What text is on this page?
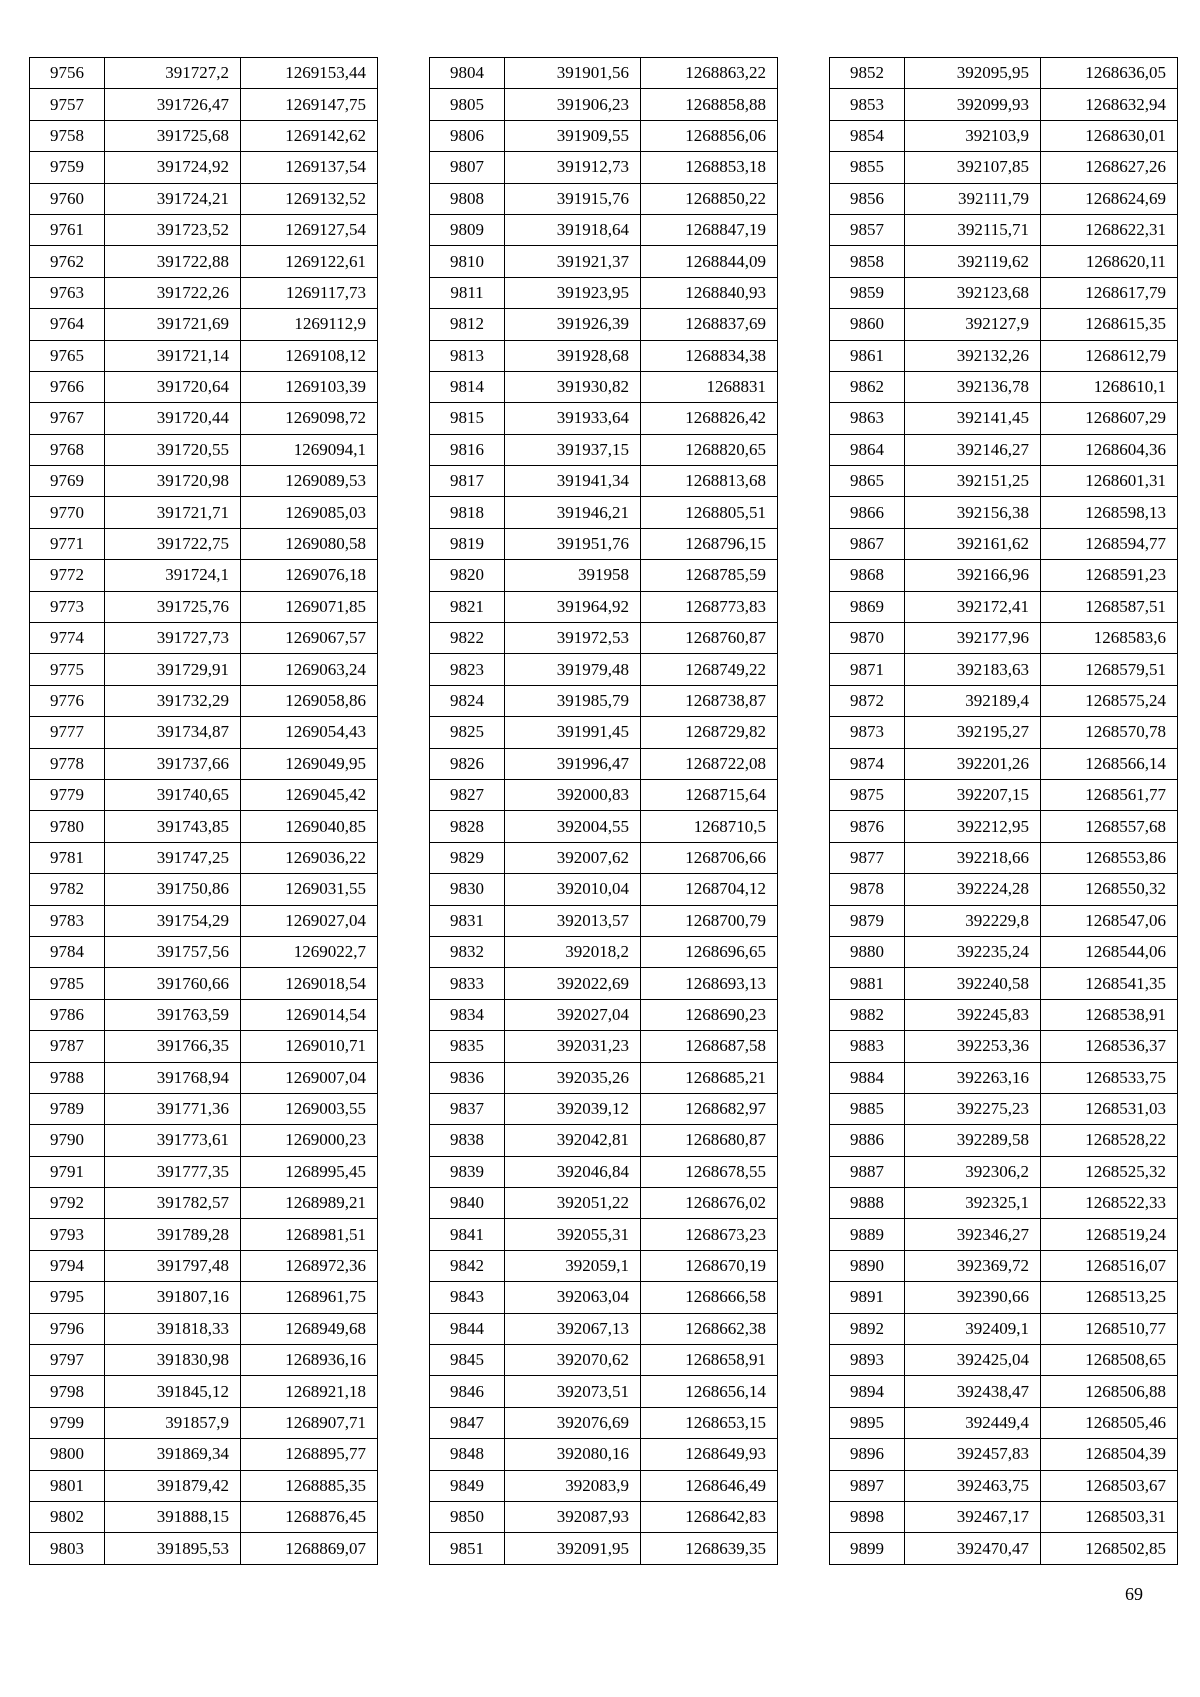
9756	391727,2	1269153,44
9757	391726,47	1269147,75
9758	391725,68	1269142,62
9759	391724,92	1269137,54
9760	391724,21	1269132,52
9761	391723,52	1269127,54
9762	391722,88	1269122,61
9763	391722,26	1269117,73
9764	391721,69	1269112,9
9765	391721,14	1269108,12
9766	391720,64	1269103,39
9767	391720,44	1269098,72
9768	391720,55	1269094,1
9769	391720,98	1269089,53
9770	391721,71	1269085,03
9771	391722,75	1269080,58
9772	391724,1	1269076,18
9773	391725,76	1269071,85
9774	391727,73	1269067,57
9775	391729,91	1269063,24
9776	391732,29	1269058,86
9777	391734,87	1269054,43
9778	391737,66	1269049,95
9779	391740,65	1269045,42
9780	391743,85	1269040,85
9781	391747,25	1269036,22
9782	391750,86	1269031,55
9783	391754,29	1269027,04
9784	391757,56	1269022,7
9785	391760,66	1269018,54
9786	391763,59	1269014,54
9787	391766,35	1269010,71
9788	391768,94	1269007,04
9789	391771,36	1269003,55
9790	391773,61	1269000,23
9791	391777,35	1268995,45
9792	391782,57	1268989,21
9793	391789,28	1268981,51
9794	391797,48	1268972,36
9795	391807,16	1268961,75
9796	391818,33	1268949,68
9797	391830,98	1268936,16
9798	391845,12	1268921,18
9799	391857,9	1268907,71
9800	391869,34	1268895,77
9801	391879,42	1268885,35
9802	391888,15	1268876,45
9803	391895,53	1268869,07
9804	391901,56	1268863,22
9805	391906,23	1268858,88
9806	391909,55	1268856,06
9807	391912,73	1268853,18
9808	391915,76	1268850,22
9809	391918,64	1268847,19
9810	391921,37	1268844,09
9811	391923,95	1268840,93
9812	391926,39	1268837,69
9813	391928,68	1268834,38
9814	391930,82	1268831
9815	391933,64	1268826,42
9816	391937,15	1268820,65
9817	391941,34	1268813,68
9818	391946,21	1268805,51
9819	391951,76	1268796,15
9820	391958	1268785,59
9821	391964,92	1268773,83
9822	391972,53	1268760,87
9823	391979,48	1268749,22
9824	391985,79	1268738,87
9825	391991,45	1268729,82
9826	391996,47	1268722,08
9827	392000,83	1268715,64
9828	392004,55	1268710,5
9829	392007,62	1268706,66
9830	392010,04	1268704,12
9831	392013,57	1268700,79
9832	392018,2	1268696,65
9833	392022,69	1268693,13
9834	392027,04	1268690,23
9835	392031,23	1268687,58
9836	392035,26	1268685,21
9837	392039,12	1268682,97
9838	392042,81	1268680,87
9839	392046,84	1268678,55
9840	392051,22	1268676,02
9841	392055,31	1268673,23
9842	392059,1	1268670,19
9843	392063,04	1268666,58
9844	392067,13	1268662,38
9845	392070,62	1268658,91
9846	392073,51	1268656,14
9847	392076,69	1268653,15
9848	392080,16	1268649,93
9849	392083,9	1268646,49
9850	392087,93	1268642,83
9851	392091,95	1268639,35
9852	392095,95	1268636,05
9853	392099,93	1268632,94
9854	392103,9	1268630,01
9855	392107,85	1268627,26
9856	392111,79	1268624,69
9857	392115,71	1268622,31
9858	392119,62	1268620,11
9859	392123,68	1268617,79
9860	392127,9	1268615,35
9861	392132,26	1268612,79
9862	392136,78	1268610,1
9863	392141,45	1268607,29
9864	392146,27	1268604,36
9865	392151,25	1268601,31
9866	392156,38	1268598,13
9867	392161,62	1268594,77
9868	392166,96	1268591,23
9869	392172,41	1268587,51
9870	392177,96	1268583,6
9871	392183,63	1268579,51
9872	392189,4	1268575,24
9873	392195,27	1268570,78
9874	392201,26	1268566,14
9875	392207,15	1268561,77
9876	392212,95	1268557,68
9877	392218,66	1268553,86
9878	392224,28	1268550,32
9879	392229,8	1268547,06
9880	392235,24	1268544,06
9881	392240,58	1268541,35
9882	392245,83	1268538,91
9883	392253,36	1268536,37
9884	392263,16	1268533,75
9885	392275,23	1268531,03
9886	392289,58	1268528,22
9887	392306,2	1268525,32
9888	392325,1	1268522,33
9889	392346,27	1268519,24
9890	392369,72	1268516,07
9891	392390,66	1268513,25
9892	392409,1	1268510,77
9893	392425,04	1268508,65
9894	392438,47	1268506,88
9895	392449,4	1268505,46
9896	392457,83	1268504,39
9897	392463,75	1268503,67
9898	392467,17	1268503,31
9899	392470,47	1268502,85
69
